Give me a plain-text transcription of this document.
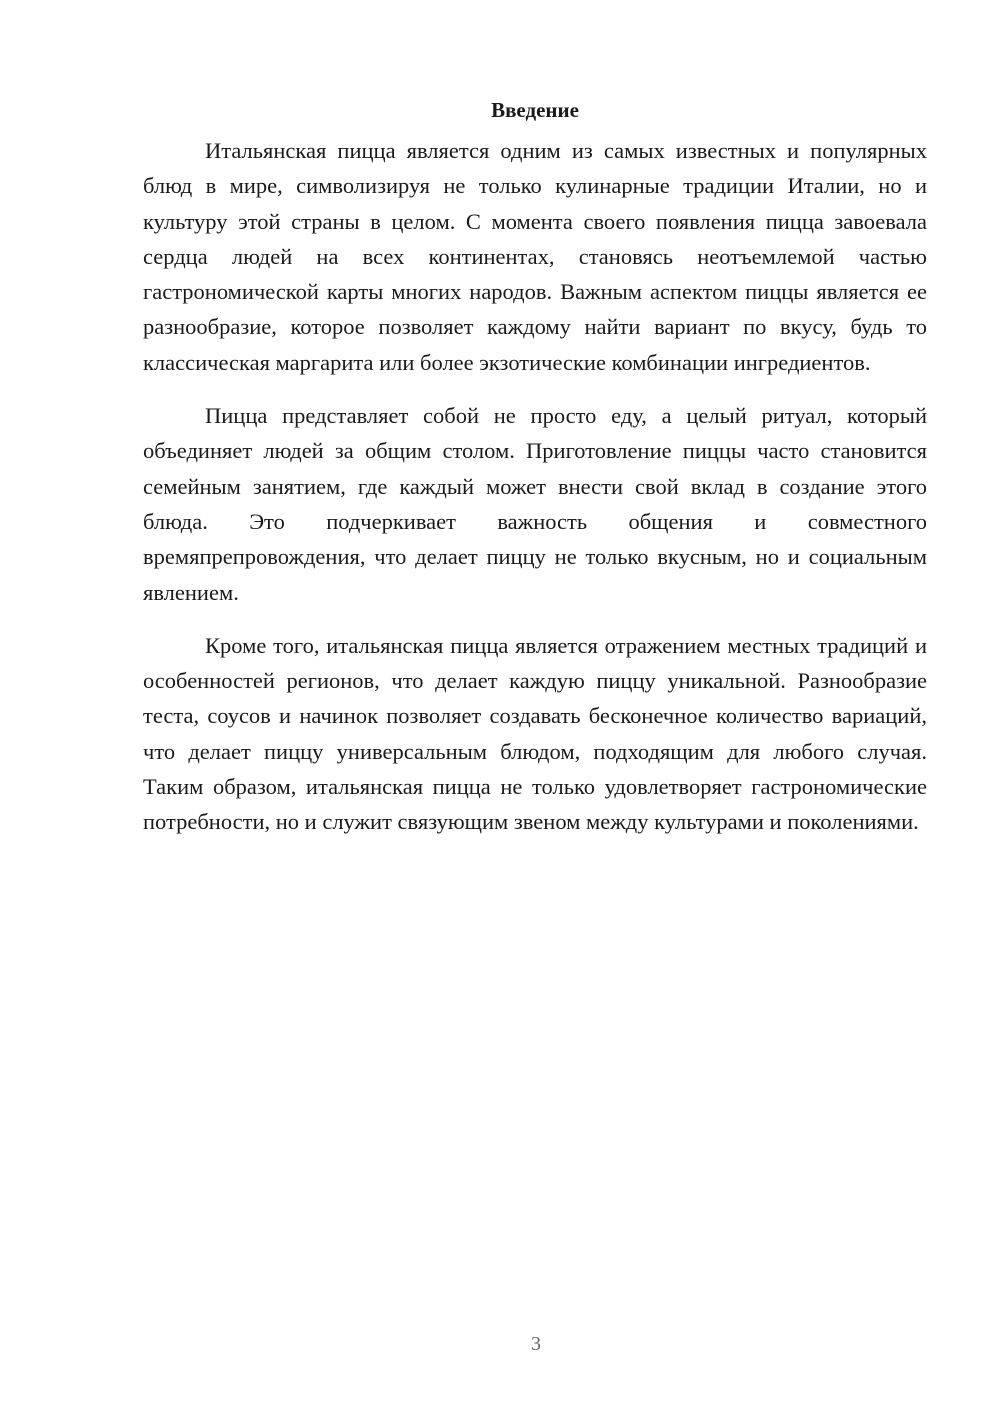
Введение

Итальянская пицца является одним из самых известных и популярных блюд в мире, символизируя не только кулинарные традиции Италии, но и культуру этой страны в целом. С момента своего появления пицца завоевала сердца людей на всех континентах, становясь неотъемлемой частью гастрономической карты многих народов. Важным аспектом пиццы является ее разнообразие, которое позволяет каждому найти вариант по вкусу, будь то классическая маргарита или более экзотические комбинации ингредиентов.

Пицца представляет собой не просто еду, а целый ритуал, который объединяет людей за общим столом. Приготовление пиццы часто становится семейным занятием, где каждый может внести свой вклад в создание этого блюда. Это подчеркивает важность общения и совместного времяпрепровождения, что делает пиццу не только вкусным, но и социальным явлением.

Кроме того, итальянская пицца является отражением местных традиций и особенностей регионов, что делает каждую пиццу уникальной. Разнообразие теста, соусов и начинок позволяет создавать бесконечное количество вариаций, что делает пиццу универсальным блюдом, подходящим для любого случая. Таким образом, итальянская пицца не только удовлетворяет гастрономические потребности, но и служит связующим звеном между культурами и поколениями.

3
